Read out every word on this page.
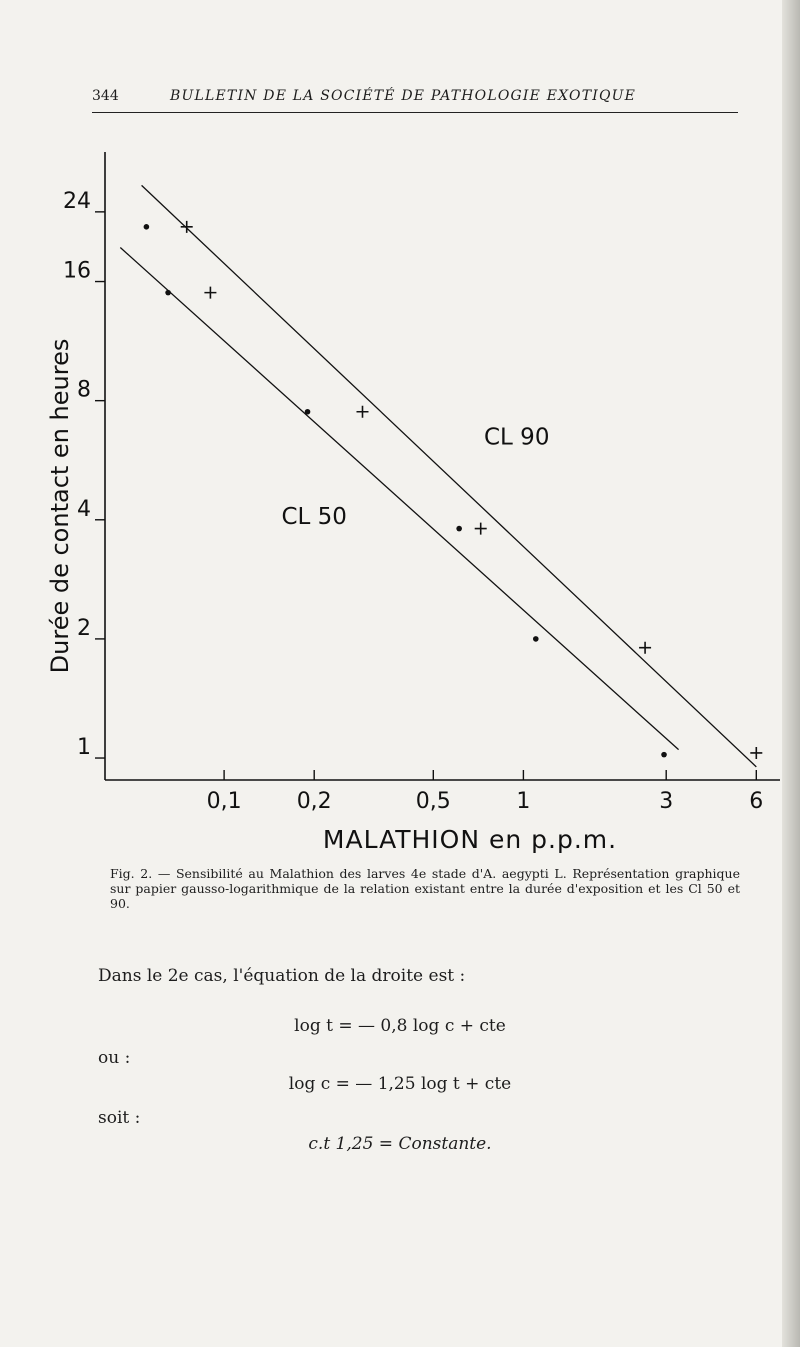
344	BULLETIN DE LA SOCIÉTÉ DE PATHOLOGIE EXOTIQUE
24
16
8
4
2
1
0,1	0,2	0,5	1	3	6
Durée de contact en heures
MALATHION en p.p.m.
CL 50
CL 90
Fig. 2. — Sensibilité au Malathion des larves 4e stade d'A. aegypti L. Représentation graphique sur papier gausso-logarithmique de la relation existant entre la durée d'exposition et les Cl 50 et 90.
Dans le 2e cas, l'équation de la droite est :
log t = — 0,8 log c + cte
ou :
log c = — 1,25 log t + cte
soit :
c.t 1,25 = Constante.
